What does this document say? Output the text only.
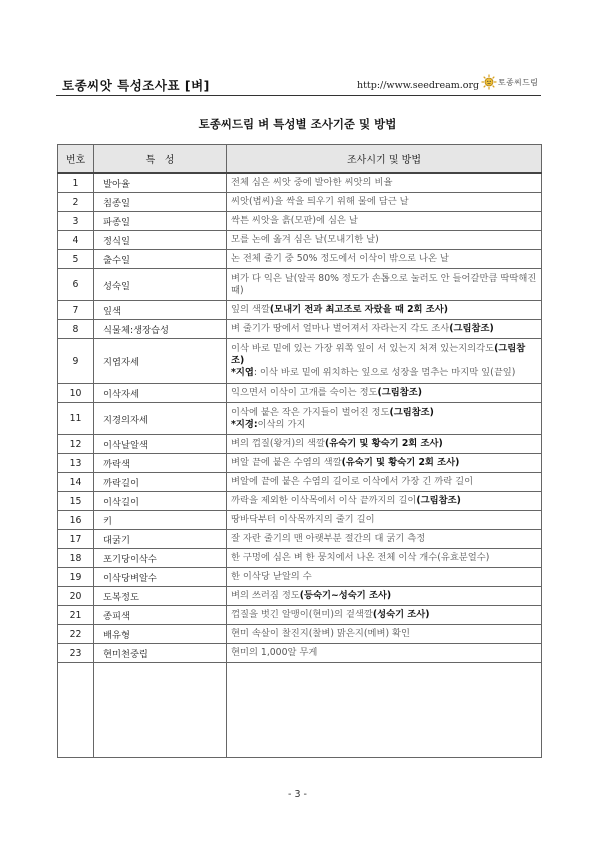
토종씨앗 특성조사표 [벼]	http://www.seedream.org 토종씨드림
토종씨드림 벼 특성별 조사기준 및 방법
번호	특   성	조사시기 및 방법
1	발아율	전체 심은 씨앗 중에 발아한 씨앗의 비율
2	침종일	씨앗(볍씨)을 싹을 틔우기 위해 물에 담근 날
3	파종일	싹튼 씨앗을 흙(모판)에 심은 날
4	정식일	모를 논에 옮겨 심은 날(모내기한 날)
5	출수일	논 전체 줄기 중 50% 정도에서 이삭이 밖으로 나온 날
6	성숙일	벼가 다 익은 날(알곡 80% 정도가 손톱으로 눌러도 안 들어갈만큼 딱딱해진 때)
7	잎색	잎의 색깔(모내기 전과 최고조로 자랐을 때 2회 조사)
8	식물체:생장습성	벼 줄기가 땅에서 얼마나 벌어져서 자라는지 각도 조사(그림참조)
9	지엽자세	이삭 바로 밑에 있는 가장 위쪽 잎이 서 있는지 처져 있는지의각도(그림참조)
*지엽: 이삭 바로 밑에 위치하는 잎으로 성장을 멈추는 마지막 잎(끝잎)
10	이삭자세	익으면서 이삭이 고개를 숙이는 정도(그림참조)
11	지경의자세	이삭에 붙은 작은 가지들이 벌어진 정도(그림참조)
*지경:이삭의 가지
12	이삭날알색	벼의 껍질(왕겨)의 색깔(유숙기 및 황숙기 2회 조사)
13	까락색	벼알 끝에 붙은 수염의 색깔(유숙기 및 황숙기 2회 조사)
14	까락길이	벼알에 끝에 붙은 수염의 길이로 이삭에서 가장 긴 까락 길이
15	이삭길이	까락을 제외한 이삭목에서 이삭 끝까지의 길이(그림참조)
16	키	땅바닥부터 이삭목까지의 줄기 길이
17	대굵기	잘 자란 줄기의 맨 아랫부분 절간의 대 굵기 측정
18	포기당이삭수	한 구멍에 심은 벼 한 뭉치에서 나온 전체 이삭 개수(유효분얼수)
19	이삭당벼알수	한 이삭당 낟알의 수
20	도복정도	벼의 쓰러짐 정도(등숙기~성숙기 조사)
21	종피색	껍질을 벗긴 알맹이(현미)의 겉색깔(성숙기 조사)
22	배유형	현미 속살이 찰진지(찰벼) 맑은지(메벼) 확인
23	현미천중립	현미의 1,000알 무게

- 3 -
